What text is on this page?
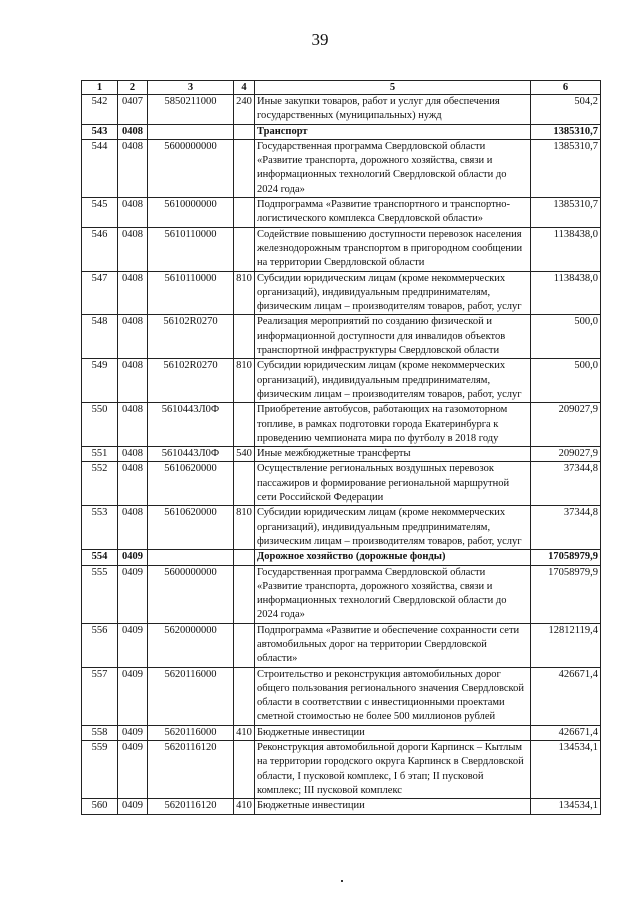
39
1	2	3	4	5	6
542	0407	5850211000	240	Иные закупки товаров, работ и услуг для обеспечения государственных (муниципальных) нужд	504,2
543	0408			Транспорт	1385310,7
544	0408	5600000000		Государственная программа Свердловской области «Развитие транспорта, дорожного хозяйства, связи и информационных технологий Свердловской области до 2024 года»	1385310,7
545	0408	5610000000		Подпрограмма «Развитие транспортного и транспортно-логистического комплекса Свердловской области»	1385310,7
546	0408	5610110000		Содействие повышению доступности перевозок населения железнодорожным транспортом в пригородном сообщении на территории Свердловской области	1138438,0
547	0408	5610110000	810	Субсидии юридическим лицам (кроме некоммерческих организаций), индивидуальным предпринимателям, физическим лицам – производителям товаров, работ, услуг	1138438,0
548	0408	56102R0270		Реализация мероприятий по созданию физической и информационной доступности для инвалидов объектов транспортной инфраструктуры Свердловской области	500,0
549	0408	56102R0270	810	Субсидии юридическим лицам (кроме некоммерческих организаций), индивидуальным предпринимателям, физическим лицам – производителям товаров, работ, услуг	500,0
550	0408	5610443Л0Ф		Приобретение автобусов, работающих на газомоторном топливе, в рамках подготовки города Екатеринбурга к проведению чемпионата мира по футболу в 2018 году	209027,9
551	0408	5610443Л0Ф	540	Иные межбюджетные трансферты	209027,9
552	0408	5610620000		Осуществление региональных воздушных перевозок пассажиров и формирование региональной маршрутной сети Российской Федерации	37344,8
553	0408	5610620000	810	Субсидии юридическим лицам (кроме некоммерческих организаций), индивидуальным предпринимателям, физическим лицам – производителям товаров, работ, услуг	37344,8
554	0409			Дорожное хозяйство (дорожные фонды)	17058979,9
555	0409	5600000000		Государственная программа Свердловской области «Развитие транспорта, дорожного хозяйства, связи и информационных технологий Свердловской области до 2024 года»	17058979,9
556	0409	5620000000		Подпрограмма «Развитие и обеспечение сохранности сети автомобильных дорог на территории Свердловской области»	12812119,4
557	0409	5620116000		Строительство и реконструкция автомобильных дорог общего пользования регионального значения Свердловской области в соответствии с инвестиционными проектами сметной стоимостью не более 500 миллионов рублей	426671,4
558	0409	5620116000	410	Бюджетные инвестиции	426671,4
559	0409	5620116120		Реконструкция автомобильной дороги Карпинск – Кытлым на территории городского округа Карпинск в Свердловской области, I пусковой комплекс, I б этап; II пусковой комплекс; III пусковой комплекс	134534,1
560	0409	5620116120	410	Бюджетные инвестиции	134534,1
